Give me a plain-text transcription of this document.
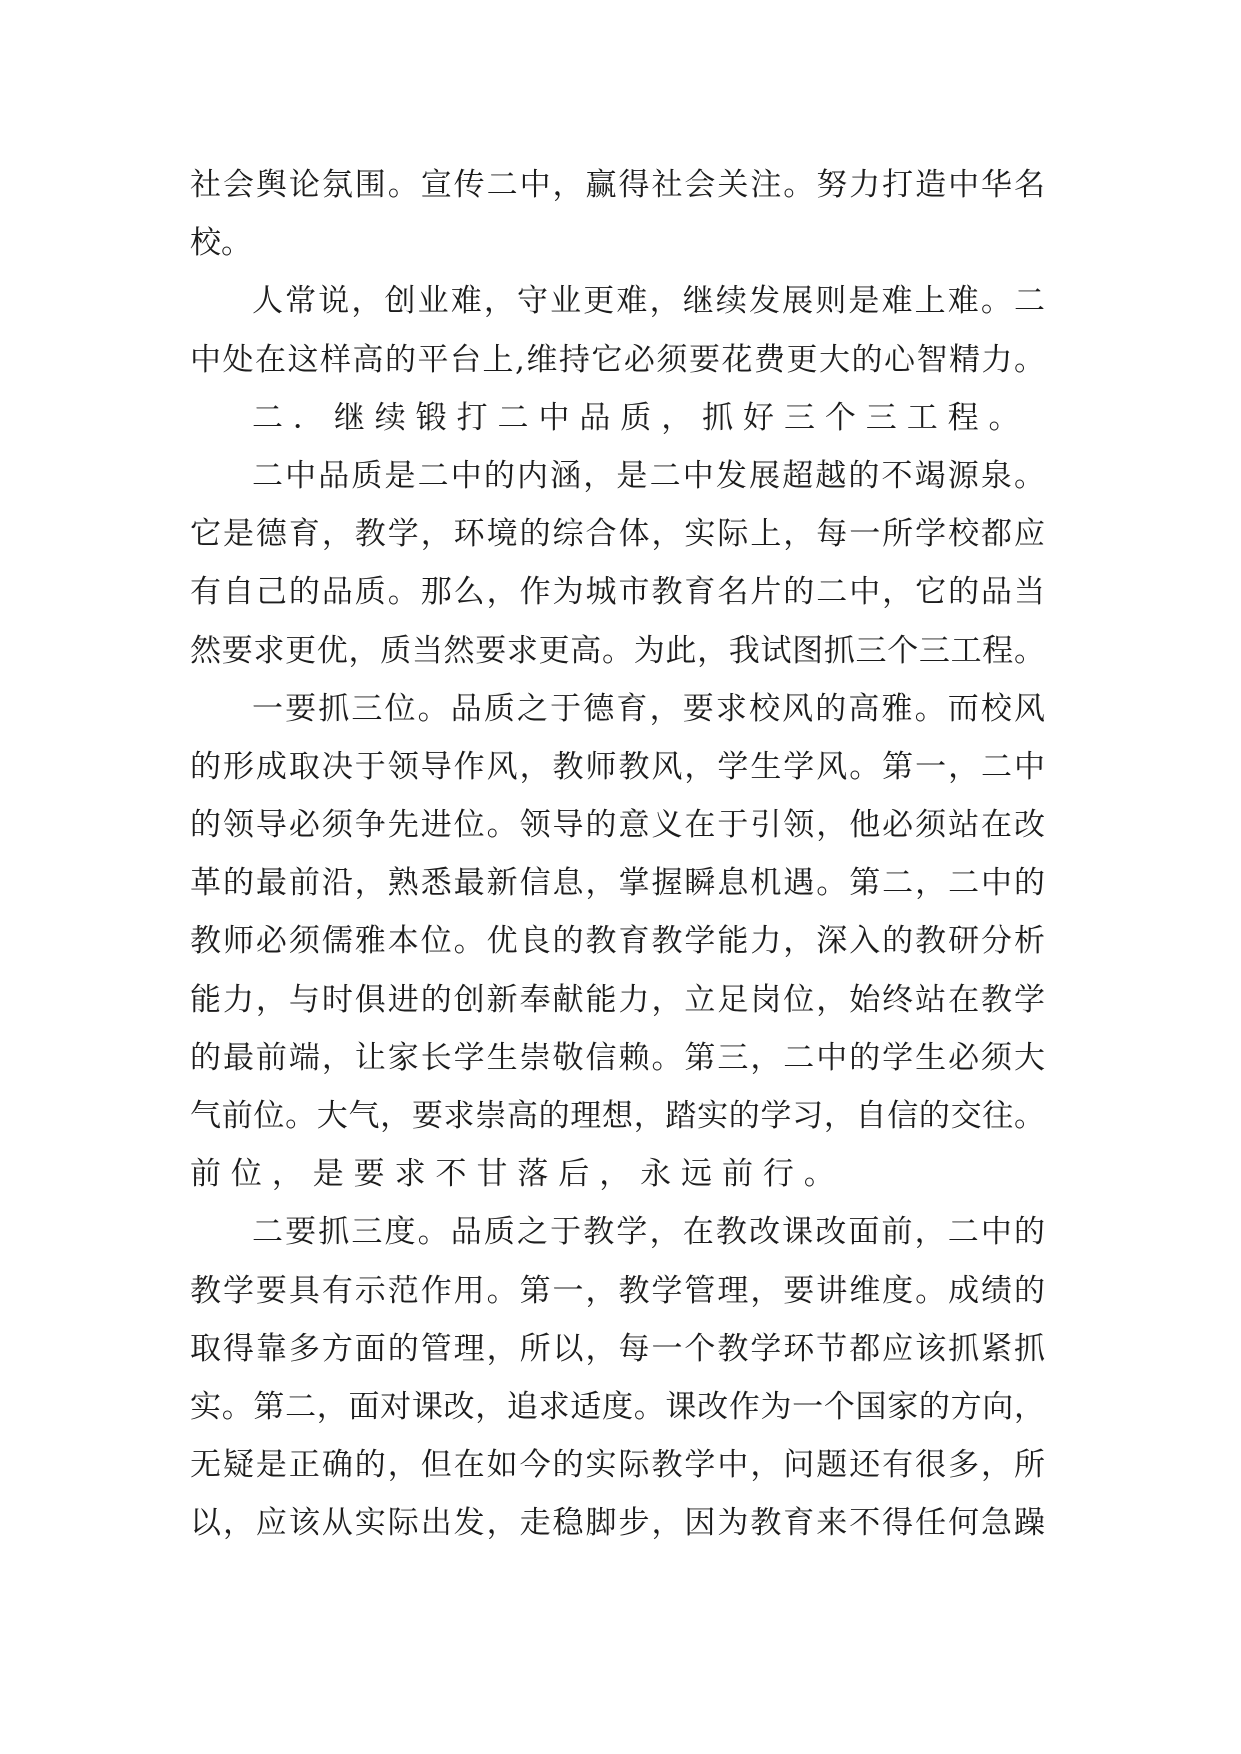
社会舆论氛围。宣传二中，赢得社会关注。努力打造中华名
校。
人常说，创业难，守业更难，继续发展则是难上难。二
中处在这样高的平台上,维持它必须要花费更大的心智精力。
二．继续锻打二中品质，抓好三个三工程。
二中品质是二中的内涵，是二中发展超越的不竭源泉。
它是德育，教学，环境的综合体，实际上，每一所学校都应
有自己的品质。那么，作为城市教育名片的二中，它的品当
然要求更优，质当然要求更高。为此，我试图抓三个三工程。
一要抓三位。品质之于德育，要求校风的高雅。而校风
的形成取决于领导作风，教师教风，学生学风。第一，二中
的领导必须争先进位。领导的意义在于引领，他必须站在改
革的最前沿，熟悉最新信息，掌握瞬息机遇。第二，二中的
教师必须儒雅本位。优良的教育教学能力，深入的教研分析
能力，与时俱进的创新奉献能力，立足岗位，始终站在教学
的最前端，让家长学生崇敬信赖。第三，二中的学生必须大
气前位。大气，要求崇高的理想，踏实的学习，自信的交往。
前位，是要求不甘落后，永远前行。
二要抓三度。品质之于教学，在教改课改面前，二中的
教学要具有示范作用。第一，教学管理，要讲维度。成绩的
取得靠多方面的管理，所以，每一个教学环节都应该抓紧抓
实。第二，面对课改，追求适度。课改作为一个国家的方向，
无疑是正确的，但在如今的实际教学中，问题还有很多，所
以，应该从实际出发，走稳脚步，因为教育来不得任何急躁
